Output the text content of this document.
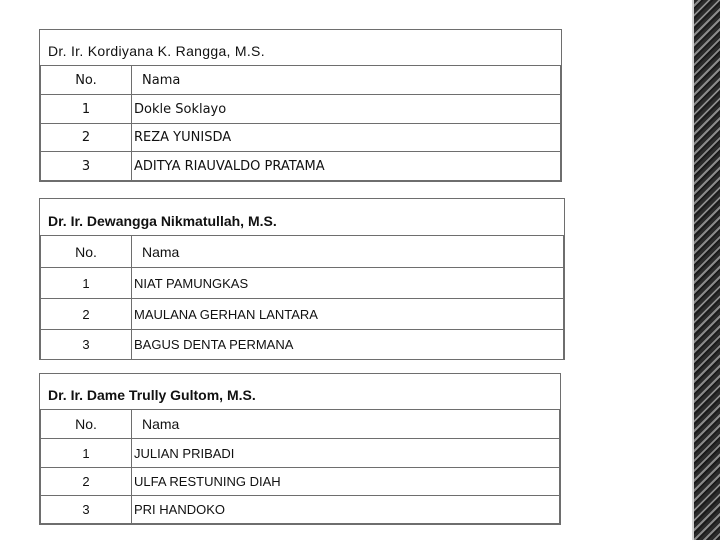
Dr. Ir. Kordiyana K. Rangga, M.S.
No.	Nama
1	Dokle Soklayo
2	REZA YUNISDA
3	ADITYA RIAUVALDO PRATAMA
Dr. Ir. Dewangga Nikmatullah, M.S.
No.	Nama
1	NIAT PAMUNGKAS
2	MAULANA GERHAN LANTARA
3	BAGUS DENTA PERMANA
Dr. Ir. Dame Trully Gultom, M.S.
No.	Nama
1	JULIAN PRIBADI
2	ULFA RESTUNING DIAH
3	PRI HANDOKO
